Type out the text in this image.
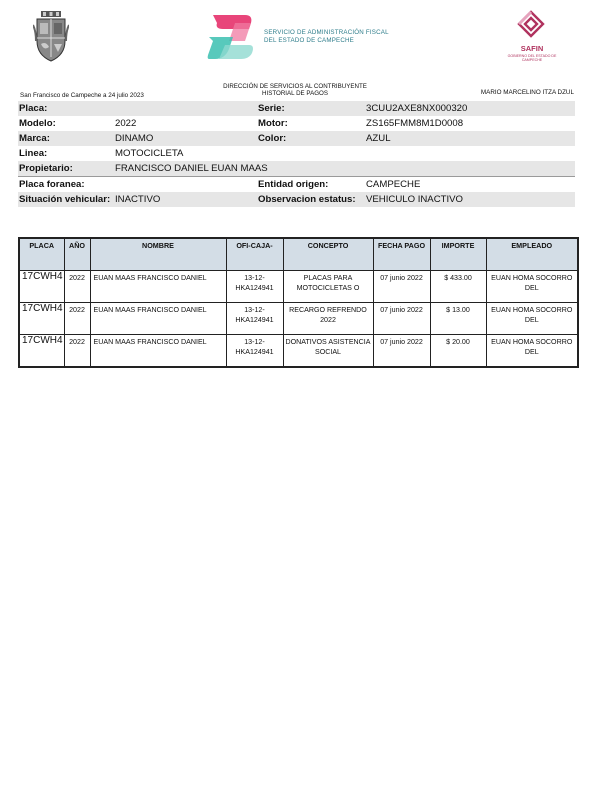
SERVICIO DE ADMINISTRACIÓN FISCAL DEL ESTADO DE CAMPECHE
SAFIN
GOBIERNO DEL ESTADO DE CAMPECHE
DIRECCIÓN DE SERVICIOS AL CONTRIBUYENTE
HISTORIAL DE PAGOS
San Francisco de Campeche a 24 julio 2023	MARIO MARCELINO ITZA DZUL
Placa:	Serie:	3CUU2AXE8NX000320
Modelo:	2022	Motor:	ZS165FMM8M1D0008
Marca:	DINAMO	Color:	AZUL
Linea:	MOTOCICLETA
Propietario:	FRANCISCO DANIEL EUAN MAAS
Placa foranea:	Entidad origen:	CAMPECHE
Situación vehicular: INACTIVO	Observacion estatus: VEHICULO INACTIVO
PLACA	AÑO	NOMBRE	OFI-CAJA-	CONCEPTO	FECHA PAGO	IMPORTE	EMPLEADO
17CWH4	2022	EUAN MAAS FRANCISCO DANIEL	13-12-HKA124941	PLACAS PARA MOTOCICLETAS O	07 junio 2022	$ 433.00	EUAN HOMA SOCORRO DEL

17CWH4	2022	EUAN MAAS FRANCISCO DANIEL	13-12-HKA124941	RECARGO REFRENDO 2022	07 junio 2022	$ 13.00	EUAN HOMA SOCORRO DEL

17CWH4	2022	EUAN MAAS FRANCISCO DANIEL	13-12-HKA124941	DONATIVOS ASISTENCIA SOCIAL	07 junio 2022	$ 20.00	EUAN HOMA SOCORRO DEL
